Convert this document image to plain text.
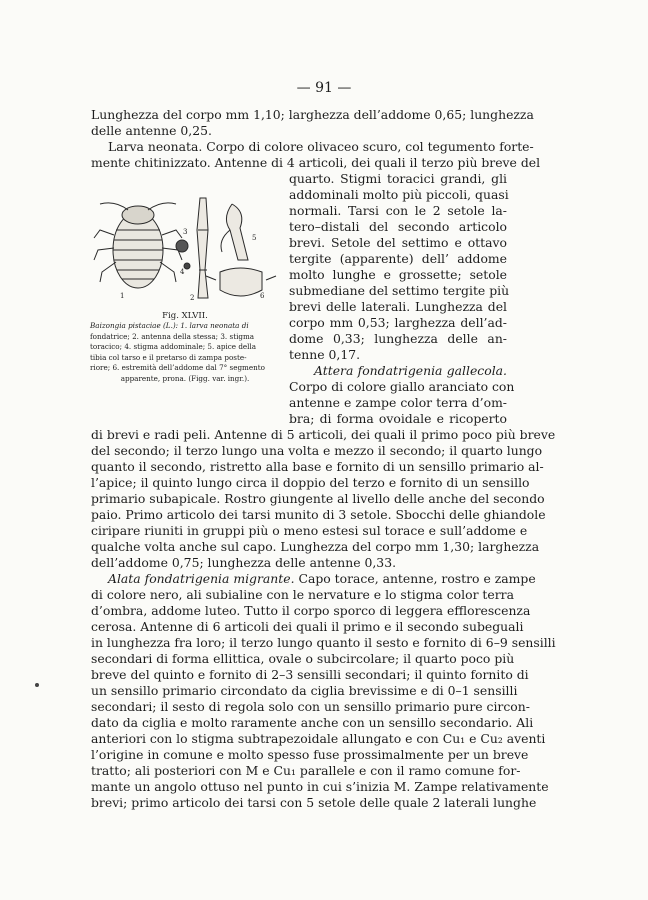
— 91 —
Lunghezza del corpo mm 1,10; larghezza dell’addome 0,65; lunghezza
delle antenne 0,25.
Larva neonata. Corpo di colore olivaceo scuro, col tegumento forte-
mente chitinizzato. Antenne di 4 articoli, dei quali il terzo più breve del
quarto. Stigmi toracici grandi, gli
addominali molto più piccoli, quasi
normali. Tarsi con le 2 setole la-
tero–distali del secondo articolo
brevi. Setole del settimo e ottavo
tergite (apparente) dell’ addome
molto lunghe e grossette; setole
submediane del settimo tergite più
brevi delle laterali. Lunghezza del
corpo mm 0,53; larghezza dell’ad-
dome 0,33; lunghezza delle an-
tenne 0,17.
Attera fondatrigenia gallecola.
Corpo di colore giallo aranciato con
antenne e zampe color terra d’om-
bra; di forma ovoidale e ricoperto
1	2
3
4
5
6
Fig. XLVII.
Baizongia pistaciae (L.): 1. larva neonata di
fondatrice; 2. antenna della stessa; 3. stigma
toracico; 4. stigma addominale; 5. apice della
tibia col tarso e il pretarso di zampa poste-
riore; 6. estremità dell’addome dal 7° segmento
apparente, prona. (Figg. var. ingr.).
di brevi e radi peli. Antenne di 5 articoli, dei quali il primo poco più breve
del secondo; il terzo lungo una volta e mezzo il secondo; il quarto lungo
quanto il secondo, ristretto alla base e fornito di un sensillo primario al-
l’apice; il quinto lungo circa il doppio del terzo e fornito di un sensillo
primario subapicale. Rostro giungente al livello delle anche del secondo
paio. Primo articolo dei tarsi munito di 3 setole. Sbocchi delle ghiandole
ciripare riuniti in gruppi più o meno estesi sul torace e sull’addome e
qualche volta anche sul capo. Lunghezza del corpo mm 1,30; larghezza
dell’addome 0,75; lunghezza delle antenne 0,33.
Alata fondatrigenia migrante. Capo torace, antenne, rostro e zampe
di colore nero, ali subialine con le nervature e lo stigma color terra
d’ombra, addome luteo. Tutto il corpo sporco di leggera efflorescenza
cerosa. Antenne di 6 articoli dei quali il primo e il secondo subeguali
in lunghezza fra loro; il terzo lungo quanto il sesto e fornito di 6–9 sensilli
secondari di forma ellittica, ovale o subcircolare; il quarto poco più
breve del quinto e fornito di 2–3 sensilli secondari; il quinto fornito di
un sensillo primario circondato da ciglia brevissime e di 0–1 sensilli
secondari; il sesto di regola solo con un sensillo primario pure circon-
dato da ciglia e molto raramente anche con un sensillo secondario. Ali
anteriori con lo stigma subtrapezoidale allungato e con Cu₁ e Cu₂ aventi
l’origine in comune e molto spesso fuse prossimalmente per un breve
tratto; ali posteriori con M e Cu₁ parallele e con il ramo comune for-
mante un angolo ottuso nel punto in cui s’inizia M. Zampe relativamente
brevi; primo articolo dei tarsi con 5 setole delle quale 2 laterali lunghe
